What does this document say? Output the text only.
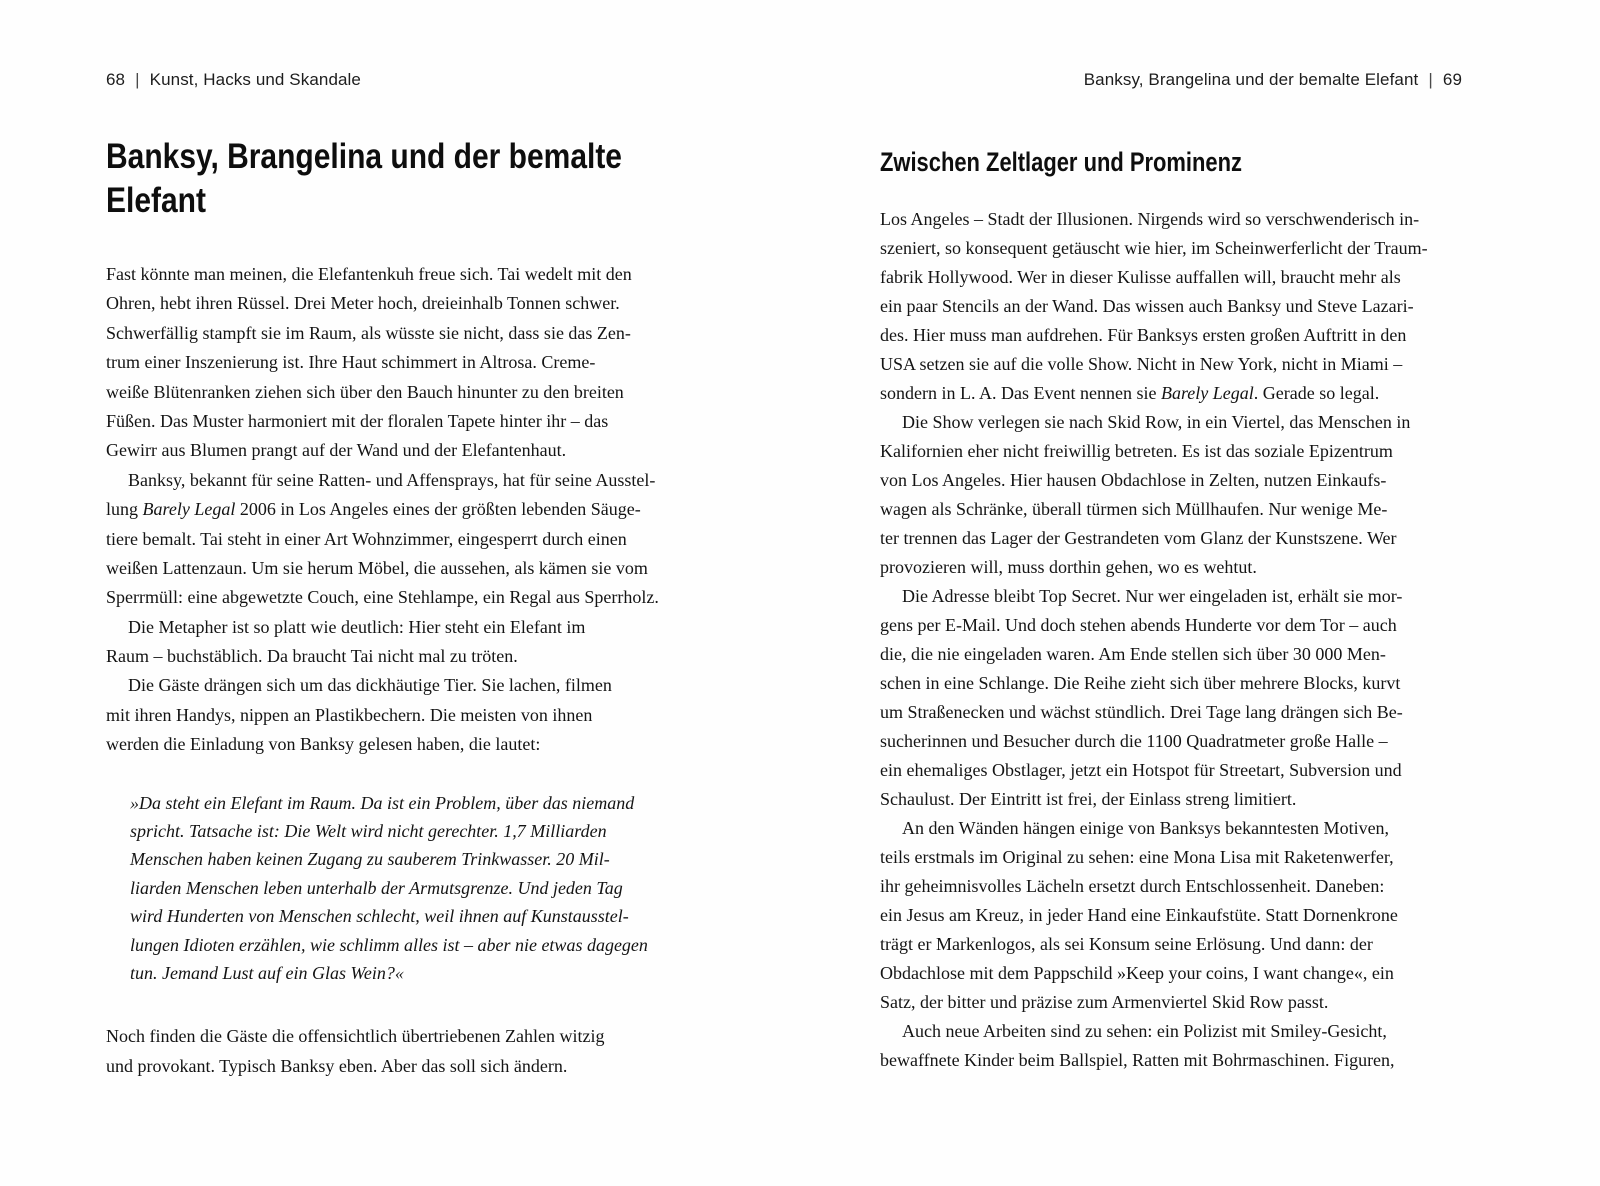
68 | Kunst, Hacks und Skandale	Banksy, Brangelina und der bemalte Elefant | 69
Banksy, Brangelina und der bemalte
Elefant
Zwischen Zeltlager und Prominenz
Fast könnte man meinen, die Elefantenkuh freue sich. Tai wedelt mit den
Ohren, hebt ihren Rüssel. Drei Meter hoch, dreieinhalb Tonnen schwer.
Schwerfällig stampft sie im Raum, als wüsste sie nicht, dass sie das Zen-
trum einer Inszenierung ist. Ihre Haut schimmert in Altrosa. Creme-
weiße Blütenranken ziehen sich über den Bauch hinunter zu den breiten
Füßen. Das Muster harmoniert mit der floralen Tapete hinter ihr – das
Gewirr aus Blumen prangt auf der Wand und der Elefantenhaut.
Banksy, bekannt für seine Ratten- und Affensprays, hat für seine Ausstel-
lung Barely Legal 2006 in Los Angeles eines der größten lebenden Säuge-
tiere bemalt. Tai steht in einer Art Wohnzimmer, eingesperrt durch einen
weißen Lattenzaun. Um sie herum Möbel, die aussehen, als kämen sie vom
Sperrmüll: eine abgewetzte Couch, eine Stehlampe, ein Regal aus Sperrholz.
Die Metapher ist so platt wie deutlich: Hier steht ein Elefant im
Raum – buchstäblich. Da braucht Tai nicht mal zu tröten.
Die Gäste drängen sich um das dickhäutige Tier. Sie lachen, filmen
mit ihren Handys, nippen an Plastikbechern. Die meisten von ihnen
werden die Einladung von Banksy gelesen haben, die lautet:
»Da steht ein Elefant im Raum. Da ist ein Problem, über das niemand
spricht. Tatsache ist: Die Welt wird nicht gerechter. 1,7 Milliarden
Menschen haben keinen Zugang zu sauberem Trinkwasser. 20 Mil-
liarden Menschen leben unterhalb der Armutsgrenze. Und jeden Tag
wird Hunderten von Menschen schlecht, weil ihnen auf Kunstausstel-
lungen Idioten erzählen, wie schlimm alles ist – aber nie etwas dagegen
tun. Jemand Lust auf ein Glas Wein?«
Noch finden die Gäste die offensichtlich übertriebenen Zahlen witzig
und provokant. Typisch Banksy eben. Aber das soll sich ändern.
Los Angeles – Stadt der Illusionen. Nirgends wird so verschwenderisch in-
szeniert, so konsequent getäuscht wie hier, im Scheinwerferlicht der Traum-
fabrik Hollywood. Wer in dieser Kulisse auffallen will, braucht mehr als
ein paar Stencils an der Wand. Das wissen auch Banksy und Steve Lazari-
des. Hier muss man aufdrehen. Für Banksys ersten großen Auftritt in den
USA setzen sie auf die volle Show. Nicht in New York, nicht in Miami –
sondern in L. A. Das Event nennen sie Barely Legal. Gerade so legal.
Die Show verlegen sie nach Skid Row, in ein Viertel, das Menschen in
Kalifornien eher nicht freiwillig betreten. Es ist das soziale Epizentrum
von Los Angeles. Hier hausen Obdachlose in Zelten, nutzen Einkaufs-
wagen als Schränke, überall türmen sich Müllhaufen. Nur wenige Me-
ter trennen das Lager der Gestrandeten vom Glanz der Kunstszene. Wer
provozieren will, muss dorthin gehen, wo es wehtut.
Die Adresse bleibt Top Secret. Nur wer eingeladen ist, erhält sie mor-
gens per E-Mail. Und doch stehen abends Hunderte vor dem Tor – auch
die, die nie eingeladen waren. Am Ende stellen sich über 30 000 Men-
schen in eine Schlange. Die Reihe zieht sich über mehrere Blocks, kurvt
um Straßenecken und wächst stündlich. Drei Tage lang drängen sich Be-
sucherinnen und Besucher durch die 1100 Quadratmeter große Halle –
ein ehemaliges Obstlager, jetzt ein Hotspot für Streetart, Subversion und
Schaulust. Der Eintritt ist frei, der Einlass streng limitiert.
An den Wänden hängen einige von Banksys bekanntesten Motiven,
teils erstmals im Original zu sehen: eine Mona Lisa mit Raketenwerfer,
ihr geheimnisvolles Lächeln ersetzt durch Entschlossenheit. Daneben:
ein Jesus am Kreuz, in jeder Hand eine Einkaufstüte. Statt Dornenkrone
trägt er Markenlogos, als sei Konsum seine Erlösung. Und dann: der
Obdachlose mit dem Pappschild »Keep your coins, I want change«, ein
Satz, der bitter und präzise zum Armenviertel Skid Row passt.
Auch neue Arbeiten sind zu sehen: ein Polizist mit Smiley-Gesicht,
bewaffnete Kinder beim Ballspiel, Ratten mit Bohrmaschinen. Figuren,
